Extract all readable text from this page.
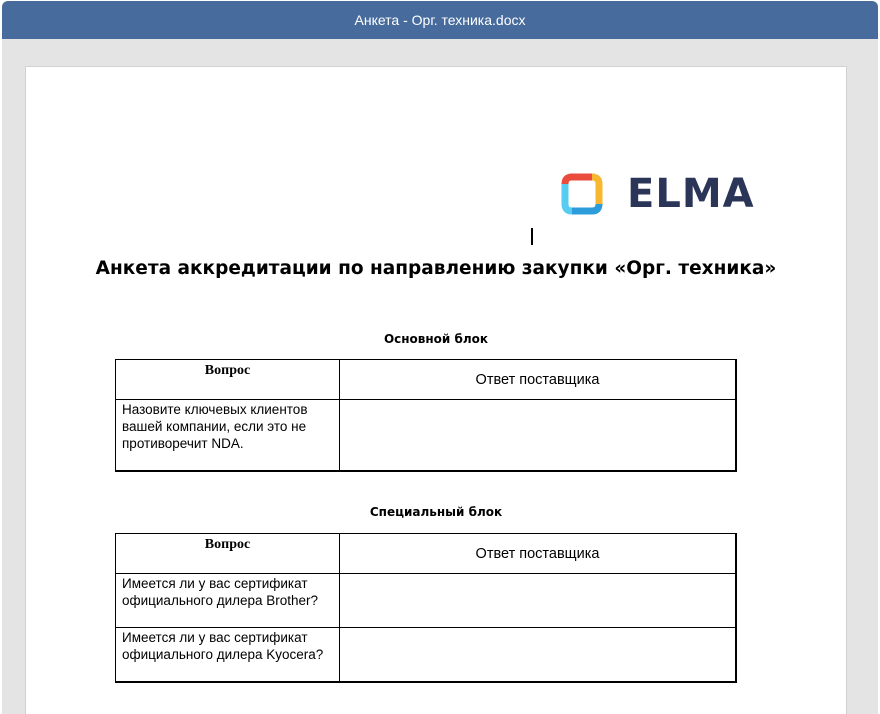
Анкета - Орг. техника.docx
ELMA
Анкета аккредитации по направлению закупки «Орг. техника»
Основной блок
Вопрос	Ответ поставщика
Назовите ключевых клиентов вашей компании, если это не противоречит NDA.	
Специальный блок
Вопрос	Ответ поставщика
Имеется ли у вас сертификат официального дилера Brother?	
Имеется ли у вас сертификат официального дилера Kyocera?	
